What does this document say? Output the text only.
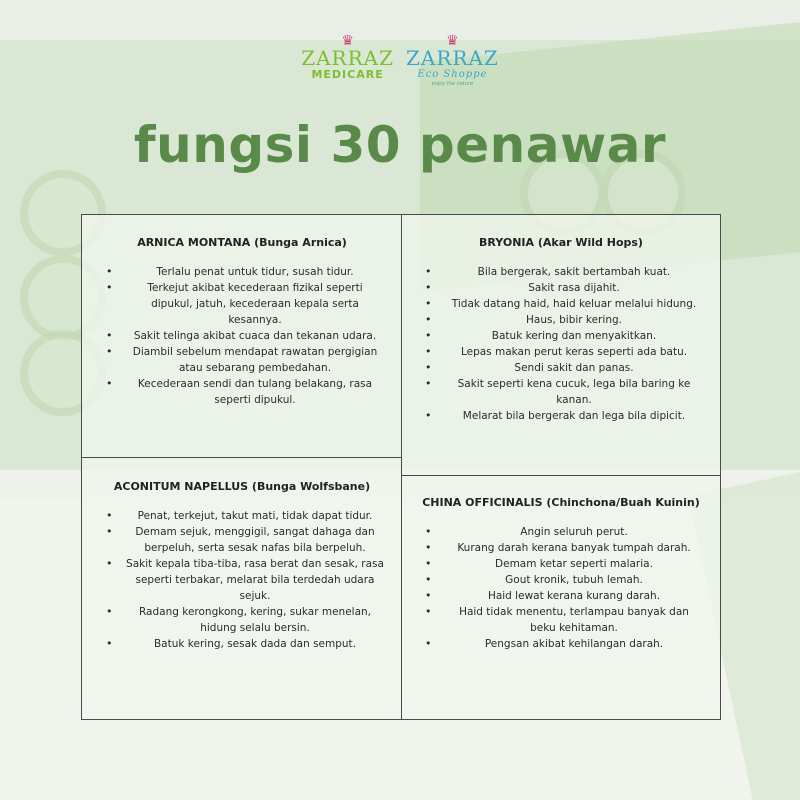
♛
ZARRAZ
MEDICARE
♛
ZARRAZ
Eco Shoppe
enjoy the nature
fungsi 30 penawar
ARNICA MONTANA (Bunga Arnica)
• Terlalu penat untuk tidur, susah tidur.
• Terkejut akibat kecederaan fizikal seperti dipukul, jatuh, kecederaan kepala serta kesannya.
• Sakit telinga akibat cuaca dan tekanan udara.
• Diambil sebelum mendapat rawatan pergigian atau sebarang pembedahan.
• Kecederaan sendi dan tulang belakang, rasa seperti dipukul.
BRYONIA (Akar Wild Hops)
• Bila bergerak, sakit bertambah kuat.
• Sakit rasa dijahit.
• Tidak datang haid, haid keluar melalui hidung.
• Haus, bibir kering.
• Batuk kering dan menyakitkan.
• Lepas makan perut keras seperti ada batu.
• Sendi sakit dan panas.
• Sakit seperti kena cucuk, lega bila baring ke kanan.
• Melarat bila bergerak dan lega bila dipicit.
ACONITUM NAPELLUS (Bunga Wolfsbane)
• Penat, terkejut, takut mati, tidak dapat tidur.
• Demam sejuk, menggigil, sangat dahaga dan berpeluh, serta sesak nafas bila berpeluh.
• Sakit kepala tiba-tiba, rasa berat dan sesak, rasa seperti terbakar, melarat bila terdedah udara sejuk.
• Radang kerongkong, kering, sukar menelan, hidung selalu bersin.
• Batuk kering, sesak dada dan semput.
CHINA OFFICINALIS (Chinchona/Buah Kuinin)
• Angin seluruh perut.
• Kurang darah kerana banyak tumpah darah.
• Demam ketar seperti malaria.
• Gout kronik, tubuh lemah.
• Haid lewat kerana kurang darah.
• Haid tidak menentu, terlampau banyak dan beku kehitaman.
• Pengsan akibat kehilangan darah.
